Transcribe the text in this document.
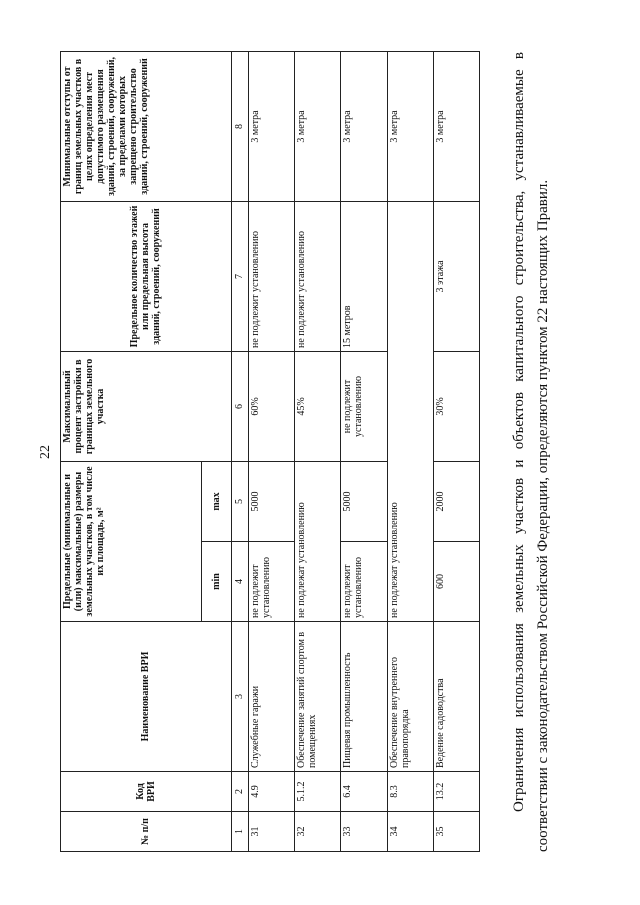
22
№ п/п	Код ВРИ	Наименование ВРИ	Предельные (минимальные и (или) максимальные) размеры земельных участков, в том числе их площадь, м²		Максимальный процент застройки в границах земельного участка	Предельное количество этажей или предельная высота зданий, строений, сооружений	Минимальные отступы от границ земельных участков в целях определения мест допустимого размещения зданий, строений, сооружений, за пределами которых запрещено строительство зданий, строений, сооружений
			min	max			
1	2	3	4	5	6	7	8
31	4.9	Служебные гаражи	не подлежит установлению	5000	60%	не подлежит установлению	3 метра
32	5.1.2	Обеспечение занятий спортом в помещениях	не подлежат установлению		45%	не подлежит установлению	3 метра
33	6.4	Пищевая промышленность	не подлежит установлению	5000	не подлежит установлению	15 метров	3 метра
34	8.3	Обеспечение внутреннего правопорядка	не подлежат установлению				3 метра
35	13.2	Ведение садоводства	600	2000	30%	3 этажа	3 метра	Ограничения использования земельных участков и объектов капитального строительства, устанавливаемые в соответствии с законодательством Российской Федерации, определяются пунктом 22 настоящих Правил.
